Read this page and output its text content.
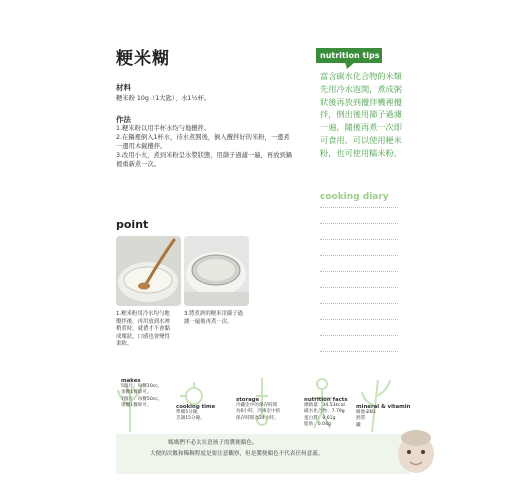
粳米糊
材料
粳米粉 10g（1大匙）、水1½杯。
作法
1.粳米粉以用半杯水均勻地攪拌。
2.在鍋裡倒入1杯水，待水煮開後，倒入攪拌好的米粉，一邊煮
一邊用木鏟攪拌。
3.改用小火，煮到米粉呈水漿狀態，用篩子過濾一遍，再放到鍋
裡重新煮一次。
point
1.粳米粉用冷水均勻地
攪拌後，再用放到水裡
稍煮時，就禮才不會黏
成塊狀，口感也會變得
柔軟。
3.將煮熟的粳米用篩子過
濾一遍後再煮一次。
nutrition tips
富含碳水化合物的米類
先用冷水泡開，煮成粥
狀後再放到攪拌機裡攪
拌，倒出後用篩子過濾
一遍，隨後再煮一次即
可食用。可以使用粳米
粉，也可使用糯米粉。
cooking diary
makes
5個月：每餐10cc，
須餵1餐即可。
7個月：每餐50cc，
須餵1餐即可。	cooking time
準備5分鐘，
烹調15分鐘。
storage
冷藏室中的保存時間
為6小時，冷凍室中的
保存時間為24小時。
nutrition facts
總熱量：34.53kcal
碳水化合物：7.79g
蛋白質：0.61g
脂肪：0.04g
mineral & vitamin
維他命B1
鈣質
鐵
媽媽們不必太在意孩子的糞便顏色。
大便的次數和稀稠程度是要注意觀察，但是糞便顏色不代表任何意義。
